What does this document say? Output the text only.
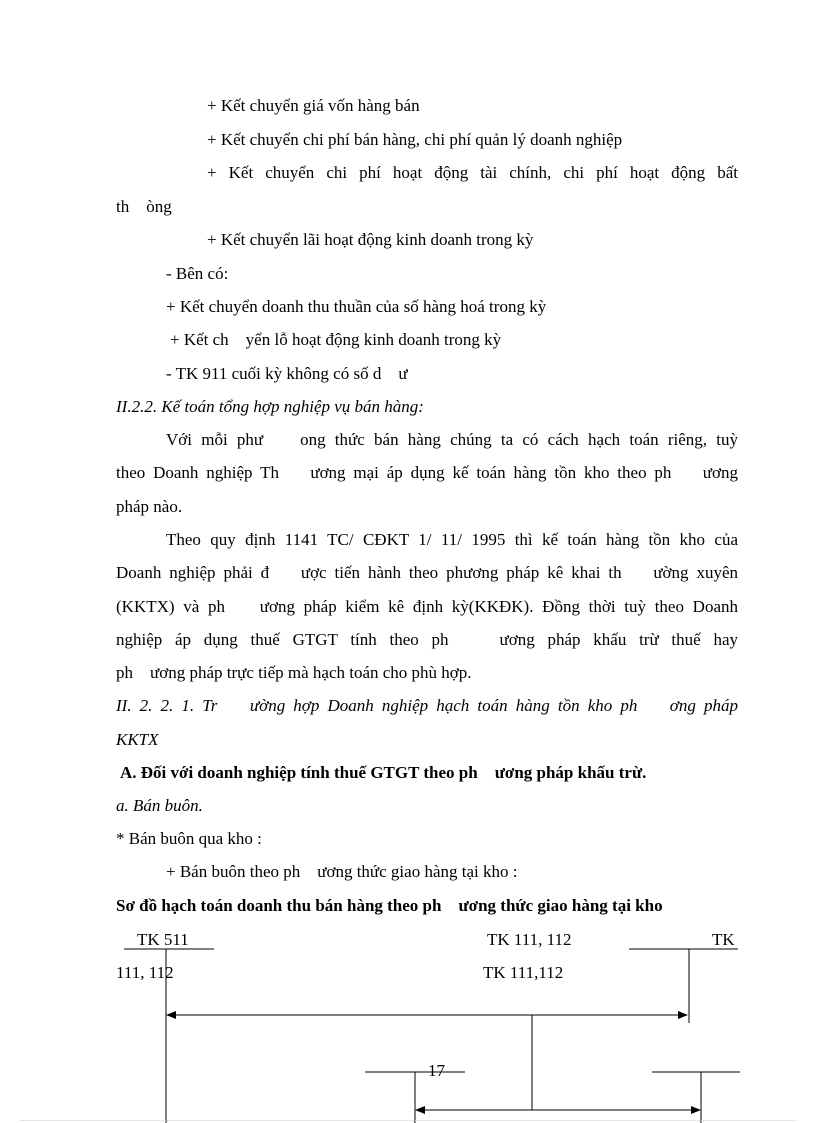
+ Kết chuyển giá vốn hàng bán
+ Kết chuyển chi phí bán hàng, chi phí quản lý doanh nghiệp
+ Kết chuyển chi phí hoạt động tài chính, chi phí hoạt động bất
th    òng
+ Kết chuyển lãi hoạt động kinh doanh trong kỳ
- Bên có:
+ Kết chuyển doanh thu thuần của số hàng hoá trong kỳ
+ Kết ch    yển lỗ hoạt động kinh doanh trong kỳ
- TK 911 cuối kỳ không có số d    ư
II.2.2. Kế toán tổng hợp nghiệp vụ bán hàng:
Với mỗi phư    ong thức bán hàng chúng ta có cách hạch toán riêng, tuỳ
theo Doanh nghiệp Th    ương mại áp dụng kế toán hàng tồn kho theo ph    ương
pháp nào.
Theo quy định 1141 TC/ CĐKT 1/ 11/ 1995 thì kế toán hàng tồn kho của
Doanh nghiệp phải đ    ược tiến hành theo phương pháp kê khai th    ường xuyên
(KKTX) và ph    ương pháp kiểm kê định kỳ(KKĐK). Đồng thời tuỳ theo Doanh
nghiệp áp dụng thuế GTGT tính theo ph    ương pháp khấu trừ thuế hay
ph    ương pháp trực tiếp mà hạch toán cho phù hợp.
II. 2. 2. 1. Tr    ường hợp Doanh nghiệp hạch toán hàng tồn kho ph    ơng pháp
KKTX
A. Đối với doanh nghiệp tính thuế GTGT theo ph    ương pháp khấu trừ.
a. Bán buôn.
* Bán buôn qua kho :
+ Bán buôn theo ph    ương thức giao hàng tại kho :
Sơ đồ hạch toán doanh thu bán hàng theo ph    ương thức giao hàng tại kho
TK 511	TK 111, 112	TK
111, 112	TK 111,112
17
